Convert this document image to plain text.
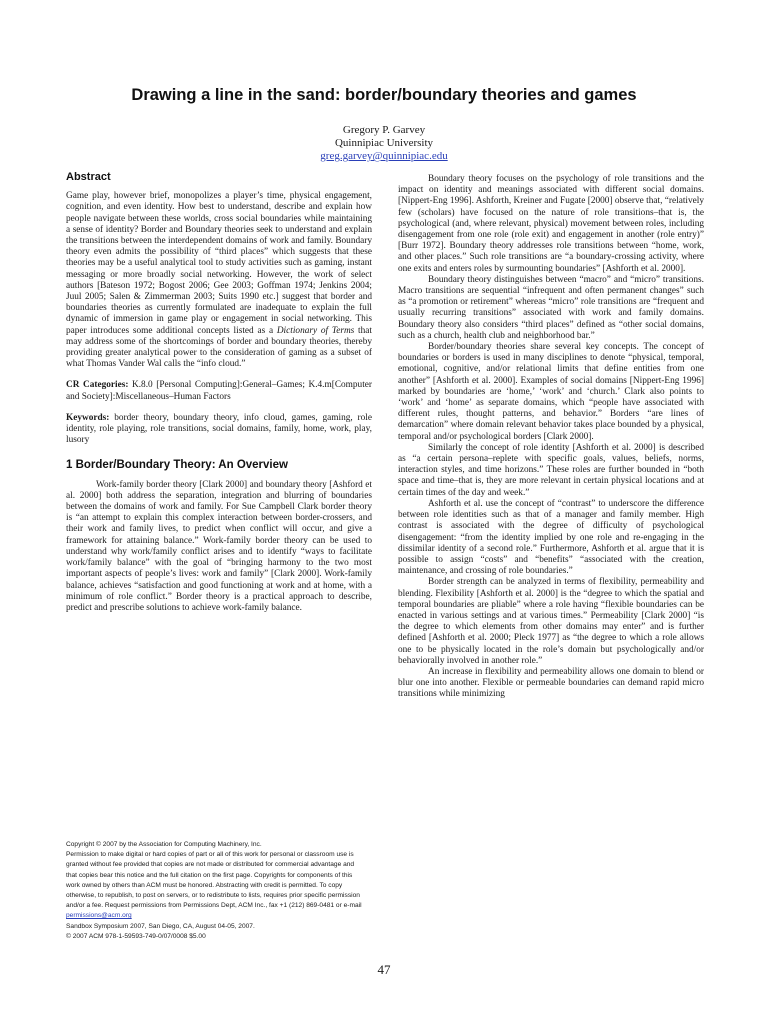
Drawing a line in the sand: border/boundary theories and games
Gregory P. Garvey
Quinnipiac University
greg.garvey@quinnipiac.edu
Abstract

Game play, however brief, monopolizes a player’s time, physical engagement, cognition, and even identity. How best to understand, describe and explain how people navigate between these worlds, cross social boundaries while maintaining a sense of identity? Border and Boundary theories seek to understand and explain the transitions between the interdependent domains of work and family. Boundary theory even admits the possibility of “third places” which suggests that these theories may be a useful analytical tool to study activities such as gaming, instant messaging or more broadly social networking. However, the work of select authors [Bateson 1972; Bogost 2006; Gee 2003; Goffman 1974; Jenkins 2004; Juul 2005; Salen & Zimmerman 2003; Suits 1990 etc.] suggest that border and boundaries theories as currently formulated are inadequate to explain the full dynamic of immersion in game play or engagement in social networking. This paper introduces some additional concepts listed as a Dictionary of Terms that may address some of the shortcomings of border and boundary theories, thereby providing greater analytical power to the consideration of gaming as a subset of what Thomas Vander Wal calls the “info cloud.”

CR Categories: K.8.0 [Personal Computing]:General–Games; K.4.m[Computer and Society]:Miscellaneous–Human Factors

Keywords: border theory, boundary theory, info cloud, games, gaming, role identity, role playing, role transitions, social domains, family, home, work, play, lusory

1 Border/Boundary Theory: An Overview

Work-family border theory [Clark 2000] and boundary theory [Ashford et al. 2000] both address the separation, integration and blurring of boundaries between the domains of work and family. For Sue Campbell Clark border theory is “an attempt to explain this complex interaction between border-crossers, and their work and family lives, to predict when conflict will occur, and give a framework for attaining balance.” Work-family border theory can be used to understand why work/family conflict arises and to identify “ways to facilitate work/family balance” with the goal of “bringing harmony to the two most important aspects of people’s lives: work and family” [Clark 2000]. Work-family balance, achieves “satisfaction and good functioning at work and at home, with a minimum of role conflict.” Border theory is a practical approach to describe, predict and prescribe solutions to achieve work-family balance.

Copyright © 2007 by the Association for Computing Machinery, Inc.

Permission to make digital or hard copies of part or all of this work for personal or classroom use is granted without fee provided that copies are not made or distributed for commercial advantage and that copies bear this notice and the full citation on the first page. Copyrights for components of this work owned by others than ACM must be honored. Abstracting with credit is permitted. To copy otherwise, to republish, to post on servers, or to redistribute to lists, requires prior specific permission and/or a fee. Request permissions from Permissions Dept, ACM Inc., fax +1 (212) 869-0481 or e-mail permissions@acm.org

Sandbox Symposium 2007, San Diego, CA, August 04-05, 2007.

© 2007 ACM 978-1-59593-749-0/07/0008 $5.00

Boundary theory focuses on the psychology of role transitions and the impact on identity and meanings associated with different social domains. [Nippert-Eng 1996]. Ashforth, Kreiner and Fugate [2000] observe that, “relatively few (scholars) have focused on the nature of role transitions–that is, the psychological (and, where relevant, physical) movement between roles, including disengagement from one role (role exit) and engagement in another (role entry)” [Burr 1972]. Boundary theory addresses role transitions between “home, work, and other places.” Such role transitions are “a boundary-crossing activity, where one exits and enters roles by surmounting boundaries” [Ashforth et al. 2000].

Boundary theory distinguishes between “macro” and “micro” transitions. Macro transitions are sequential “infrequent and often permanent changes” such as “a promotion or retirement” whereas “micro” role transitions are “frequent and usually recurring transitions” associated with work and family domains. Boundary theory also considers “third places” defined as “other social domains, such as a church, health club and neighborhood bar.”

Border/boundary theories share several key concepts. The concept of boundaries or borders is used in many disciplines to denote “physical, temporal, emotional, cognitive, and/or relational limits that define entities from one another” [Ashforth et al. 2000]. Examples of social domains [Nippert-Eng 1996] marked by boundaries are ‘home,’ ‘work’ and ‘church.’ Clark also points to ‘work’ and ‘home’ as separate domains, which “people have associated with different rules, thought patterns, and behavior.” Borders “are lines of demarcation” where domain relevant behavior takes place bounded by a physical, temporal and/or psychological borders [Clark 2000].

Similarly the concept of role identity [Ashforth et al. 2000] is described as “a certain persona–replete with specific goals, values, beliefs, norms, interaction styles, and time horizons.” These roles are further bounded in “both space and time–that is, they are more relevant in certain physical locations and at certain times of the day and week.”

Ashforth et al. use the concept of “contrast” to underscore the difference between role identities such as that of a manager and family member. High contrast is associated with the degree of difficulty of psychological disengagement: “from the identity implied by one role and re-engaging in the dissimilar identity of a second role.” Furthermore, Ashforth et al. argue that it is possible to assign “costs” and “benefits” “associated with the creation, maintenance, and crossing of role boundaries.”

Border strength can be analyzed in terms of flexibility, permeability and blending. Flexibility [Ashforth et al. 2000] is the “degree to which the spatial and temporal boundaries are pliable” where a role having “flexible boundaries can be enacted in various settings and at various times.” Permeability [Clark 2000] “is the degree to which elements from other domains may enter” and is further defined [Ashforth et al. 2000; Pleck 1977] as “the degree to which a role allows one to be physically located in the role’s domain but psychologically and/or behaviorally involved in another role.”

An increase in flexibility and permeability allows one domain to blend or blur one into another. Flexible or permeable boundaries can demand rapid micro transitions while minimizing

47
